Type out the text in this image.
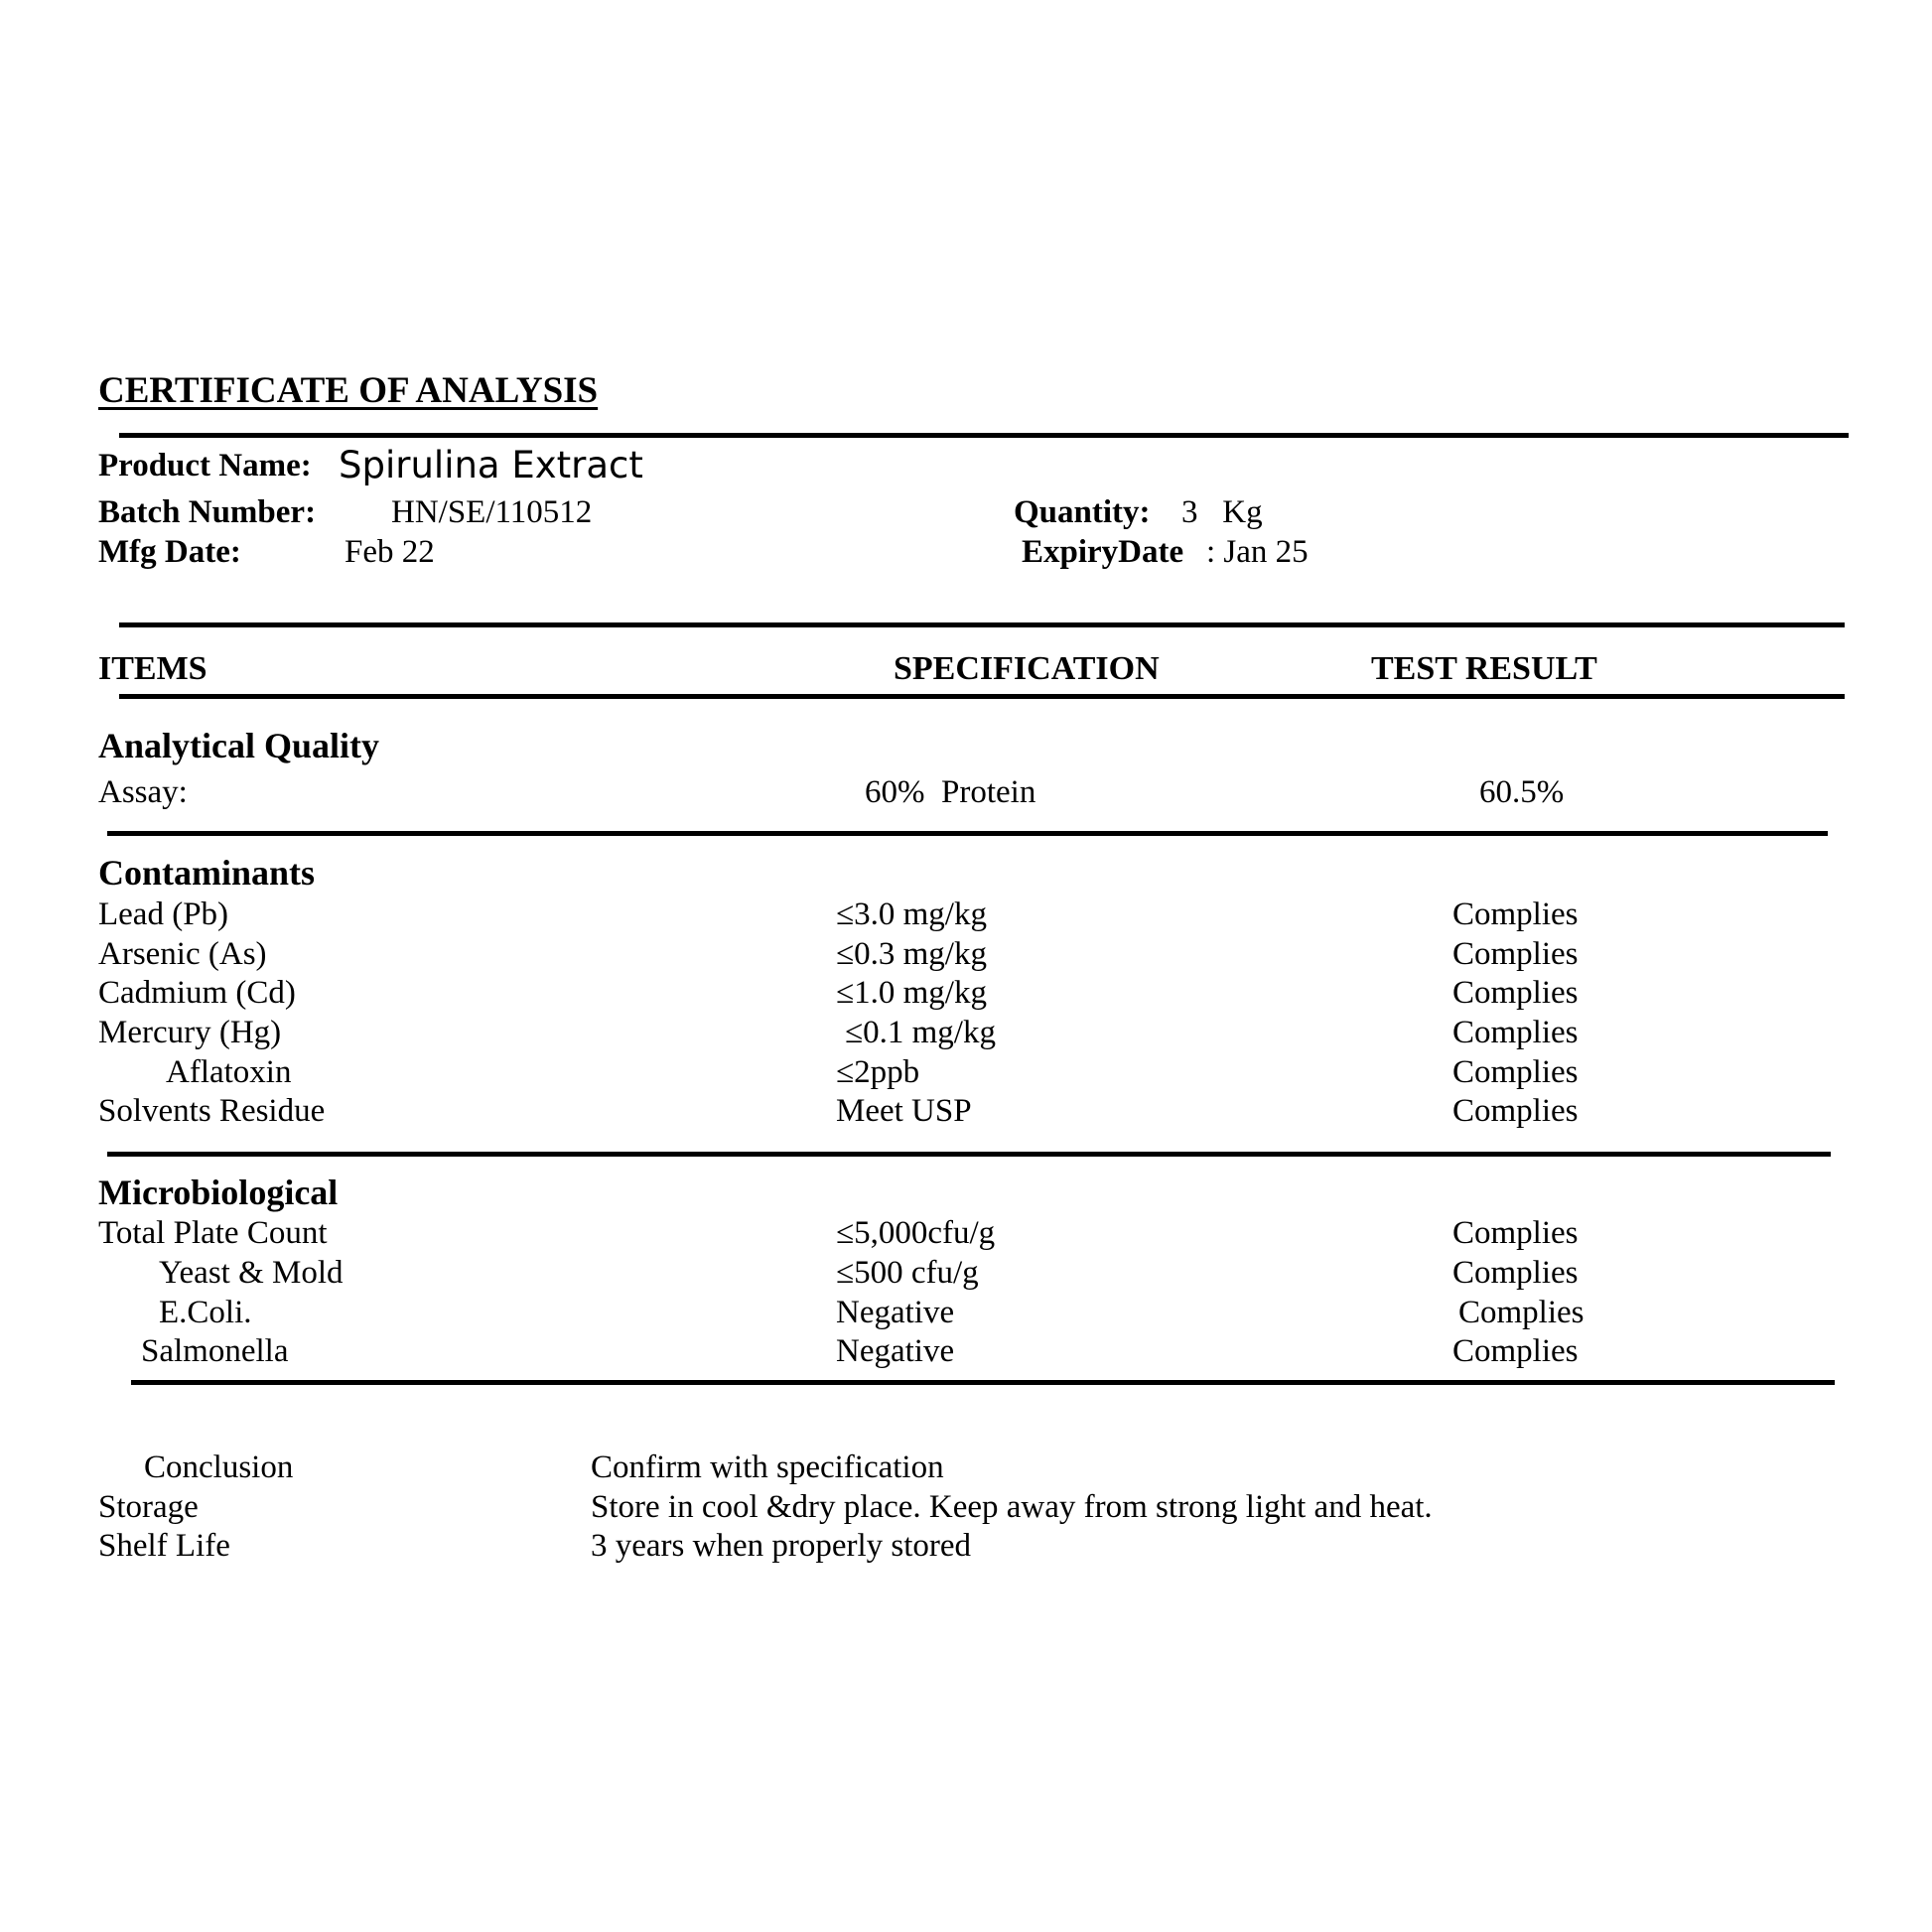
CERTIFICATE OF ANALYSIS
Product Name: Spirulina Extract
Batch Number: HN/SE/110512
Mfg Date:	Feb 22
Quantity: 3   Kg
ExpiryDate : Jan 25
ITEMS	SPECIFICATION	TEST RESULT
Analytical Quality
Assay:	60%  Protein	60.5%
Contaminants
Lead (Pb)	≤3.0 mg/kg	Complies
Arsenic (As)	≤0.3 mg/kg	Complies
Cadmium (Cd)	≤1.0 mg/kg	Complies
Mercury (Hg)	≤0.1 mg/kg	Complies
Aflatoxin	≤2ppb	Complies
Solvents Residue	Meet USP	Complies
Microbiological
Total Plate Count	≤5,000cfu/g	Complies
Yeast & Mold	≤500 cfu/g	Complies
E.Coli.	Negative	Complies
Salmonella	Negative	Complies
Conclusion	Confirm with specification
Storage	Store in cool &dry place. Keep away from strong light and heat.
Shelf Life	3 years when properly stored
